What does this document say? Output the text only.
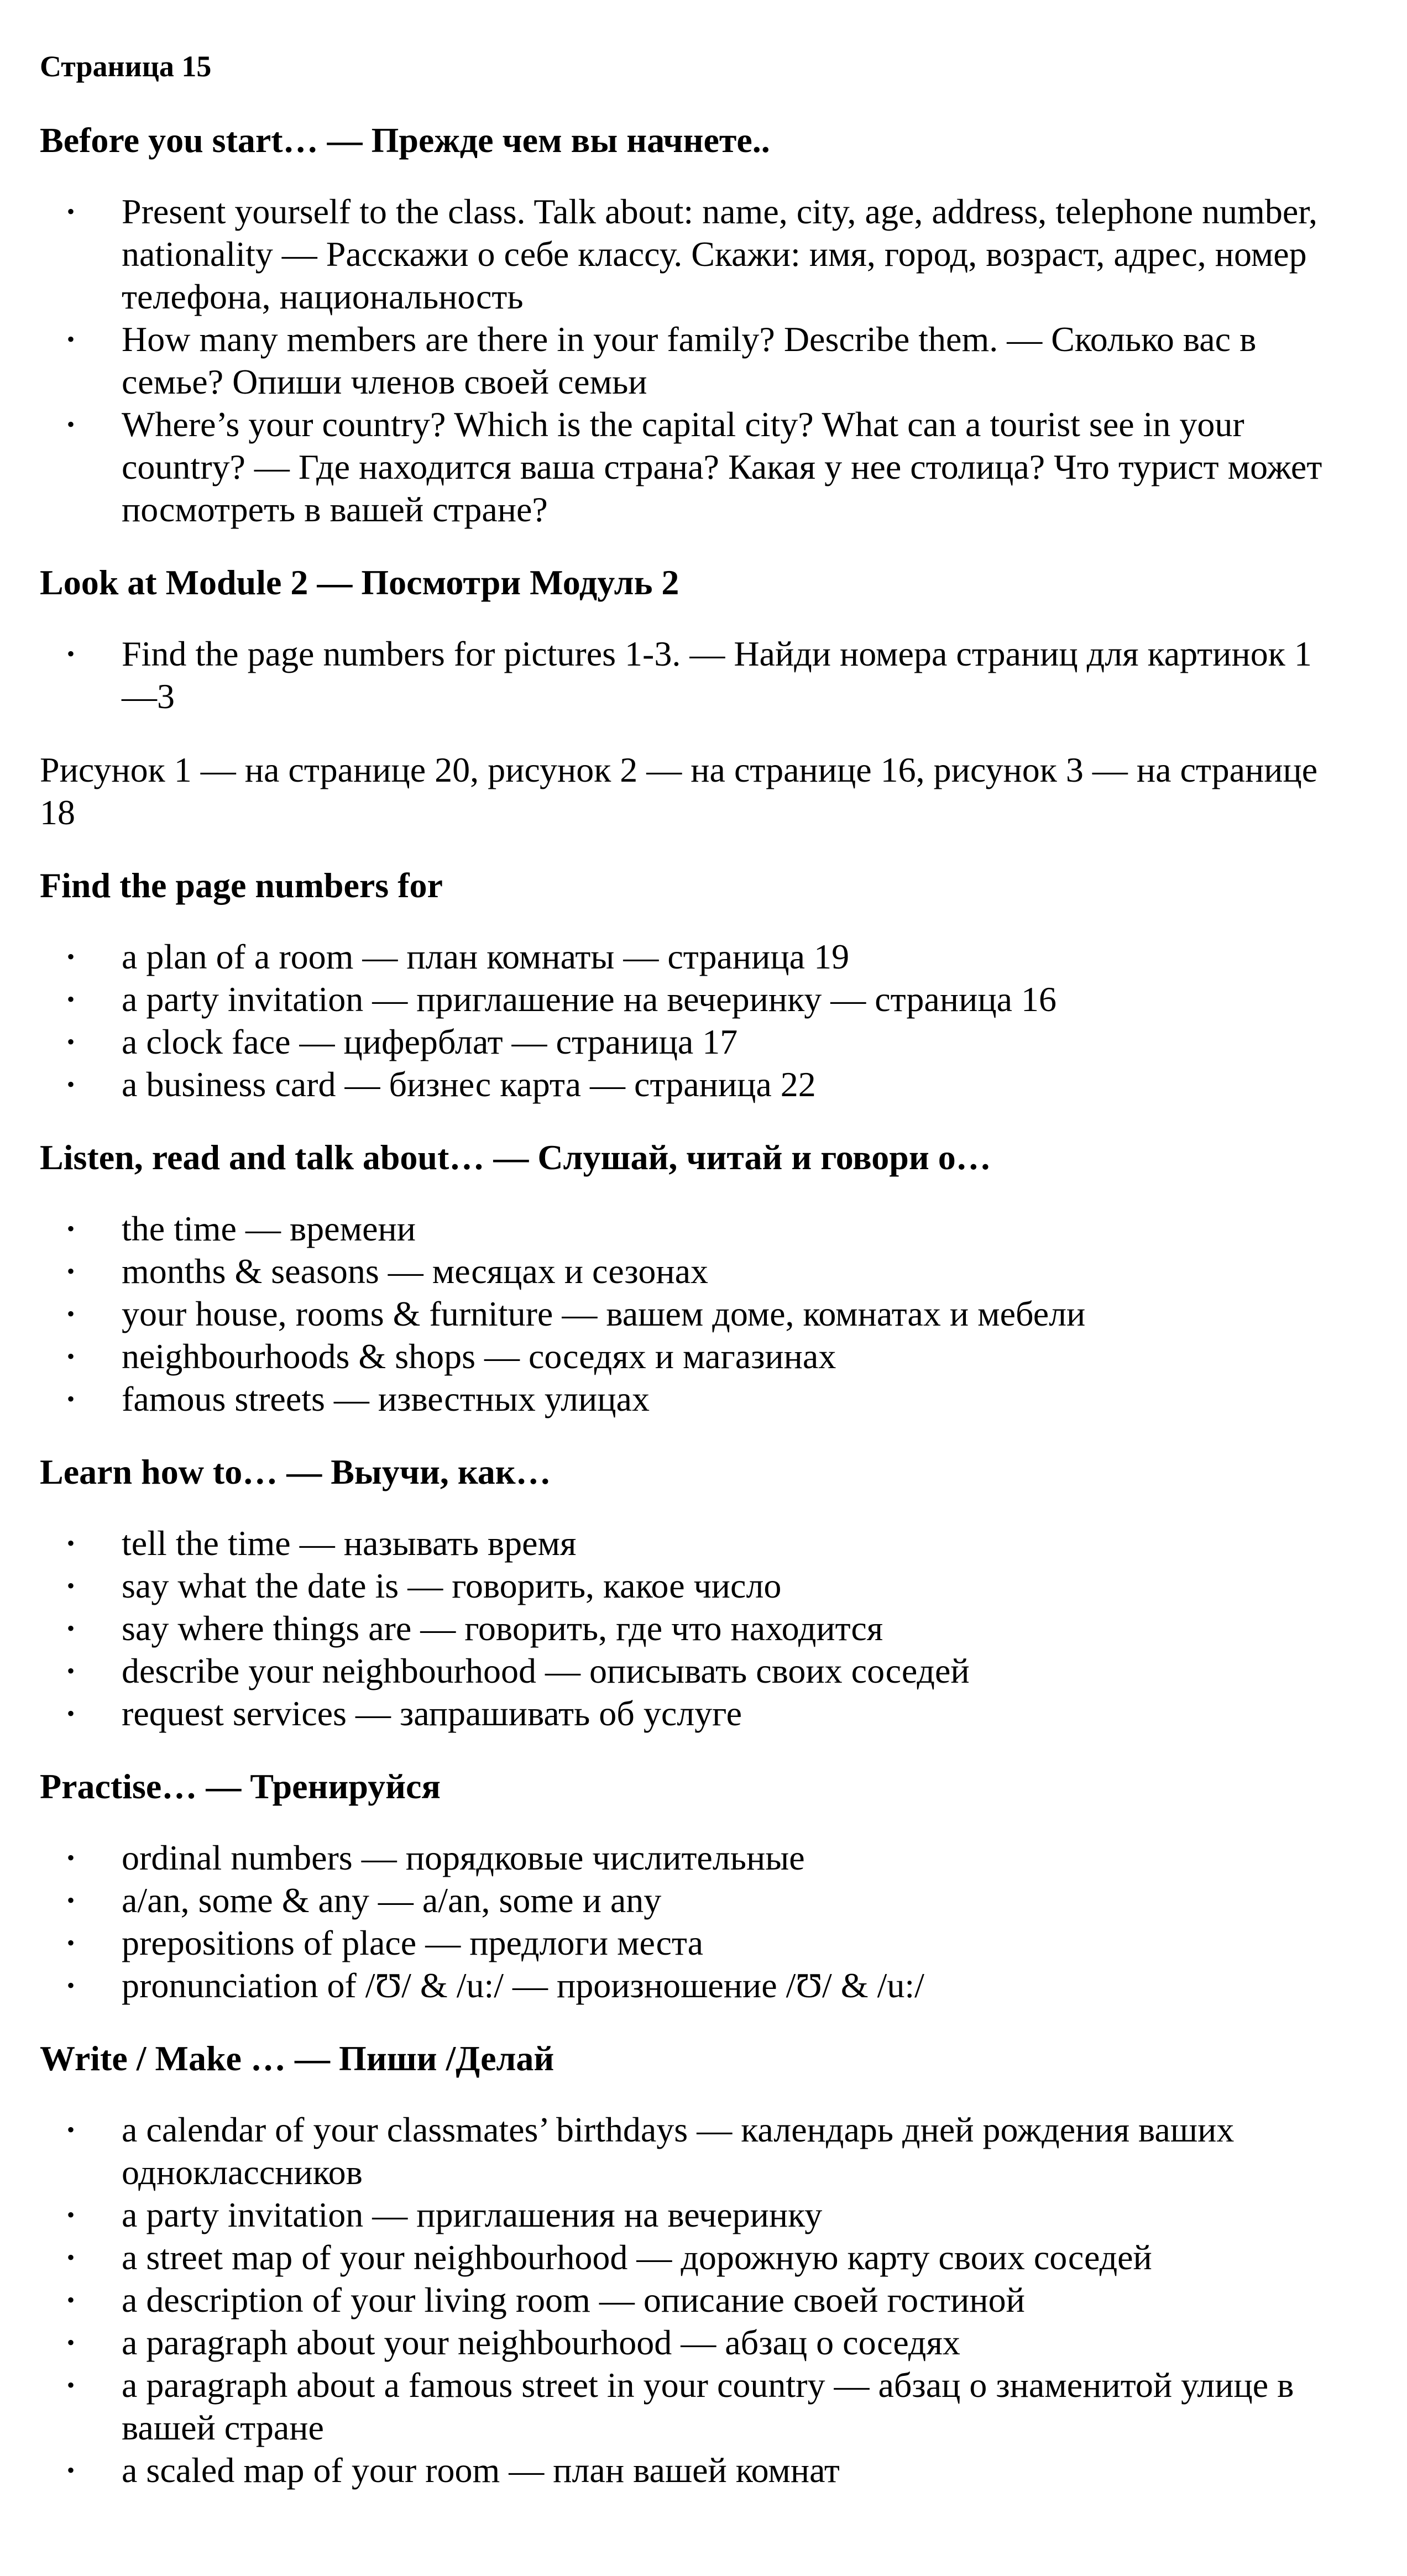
Страница 15
Before you start… — Прежде чем вы начнете..
•	Present yourself to the class. Talk about: name, city, age, address, telephone number, nationality — Расскажи о себе классу. Скажи: имя, город, возраст, адрес, номер телефона, национальность
•	How many members are there in your family? Describe them. — Сколько вас в семье? Опиши членов своей семьи
•	Where’s your country? Which is the capital city? What can a tourist see in your country? — Где находится ваша страна? Какая у нее столица? Что турист может посмотреть в вашей стране?
Look at Module 2 — Посмотри Модуль 2
•	Find the page numbers for pictures 1-3. — Найди номера страниц для картинок 1—3
Рисунок 1 — на странице 20, рисунок 2 — на странице 16, рисунок 3 — на странице 18
Find the page numbers for
•	a plan of a room — план комнаты — страница 19
•	a party invitation — приглашение на вечеринку — страница 16
•	a clock face — циферблат — страница 17
•	a business card — бизнес карта — страница 22
Listen, read and talk about… — Слушай, читай и говори о…
•	the time — времени
•	months & seasons — месяцах и сезонах
•	your house, rooms & furniture — вашем доме, комнатах и мебели
•	neighbourhoods & shops — соседях и магазинах
•	famous streets — известных улицах
Learn how to… — Выучи, как…
•	tell the time — называть время
•	say what the date is — говорить, какое число
•	say where things are — говорить, где что находится
•	describe your neighbourhood — описывать своих соседей
•	request services — запрашивать об услуге
Practise… — Тренируйся
•	ordinal numbers — порядковые числительные
•	a/an, some & any — a/an, some и any
•	prepositions of place — предлоги места
•	pronunciation of /Ʊ/ & /u:/ — произношение /Ʊ/ & /u:/
Write / Make … — Пиши /Делай
•	a calendar of your classmates’ birthdays — календарь дней рождения ваших одноклассников
•	a party invitation — приглашения на вечеринку
•	a street map of your neighbourhood — дорожную карту своих соседей
•	a description of your living room — описание своей гостиной
•	a paragraph about your neighbourhood — абзац о соседях
•	a paragraph about a famous street in your country — абзац о знаменитой улице в вашей стране
•	a scaled map of your room — план вашей комнат
